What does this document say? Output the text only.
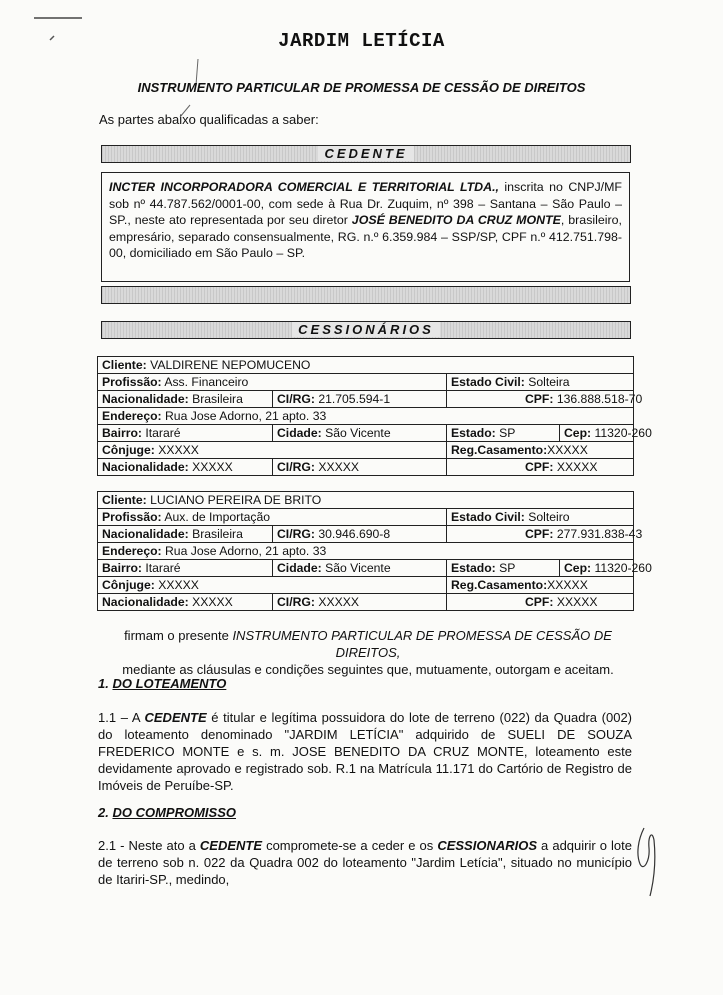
JARDIM LETÍCIA
INSTRUMENTO PARTICULAR DE PROMESSA DE CESSÃO DE DIREITOS
As partes abaixo qualificadas a saber:
CEDENTE
INCTER INCORPORADORA COMERCIAL E TERRITORIAL LTDA., inscrita no CNPJ/MF sob nº 44.787.562/0001-00, com sede à Rua Dr. Zuquim, nº 398 – Santana – São Paulo – SP., neste ato representada por seu diretor JOSÉ BENEDITO DA CRUZ MONTE, brasileiro, empresário, separado consensualmente, RG. n.º 6.359.984 – SSP/SP, CPF n.º 412.751.798-00, domiciliado em São Paulo – SP.
CESSIONÁRIOS
Cliente: VALDIRENE NEPOMUCENO			
Profissão: Ass. Financeiro		Estado Civil: Solteira	
Nacionalidade: Brasileira	CI/RG: 21.705.594-1	CPF: 136.888.518-70	
Endereço: Rua Jose Adorno, 21 apto. 33			
Bairro: Itararé	Cidade: São Vicente	Estado: SP	Cep: 11320-260
Cônjuge: XXXXX		Reg.Casamento:XXXXX	
Nacionalidade: XXXXX	CI/RG: XXXXX	CPF: XXXXX	
Cliente: LUCIANO PEREIRA DE BRITO			
Profissão: Aux. de Importação		Estado Civil: Solteiro	
Nacionalidade: Brasileira	CI/RG: 30.946.690-8	CPF: 277.931.838-43	
Endereço: Rua Jose Adorno, 21 apto. 33			
Bairro: Itararé	Cidade: São Vicente	Estado: SP	Cep: 11320-260
Cônjuge: XXXXX		Reg.Casamento:XXXXX	
Nacionalidade: XXXXX	CI/RG: XXXXX	CPF: XXXXX	
firmam o presente INSTRUMENTO PARTICULAR DE PROMESSA DE CESSÃO DE DIREITOS,
mediante as cláusulas e condições seguintes que, mutuamente, outorgam e aceitam.
1. DO LOTEAMENTO
1.1 – A CEDENTE é titular e legítima possuidora do lote de terreno (022) da Quadra (002) do loteamento denominado "JARDIM LETÍCIA" adquirido de SUELI DE SOUZA FREDERICO MONTE e s. m. JOSE BENEDITO DA CRUZ MONTE, loteamento este devidamente aprovado e registrado sob. R.1 na Matrícula 11.171 do Cartório de Registro de Imóveis de Peruíbe-SP.
2. DO COMPROMISSO
2.1 - Neste ato a CEDENTE compromete-se a ceder e os CESSIONARIOS a adquirir o lote de terreno sob n. 022 da Quadra 002 do loteamento "Jardim Letícia", situado no município de Itariri-SP., medindo,
